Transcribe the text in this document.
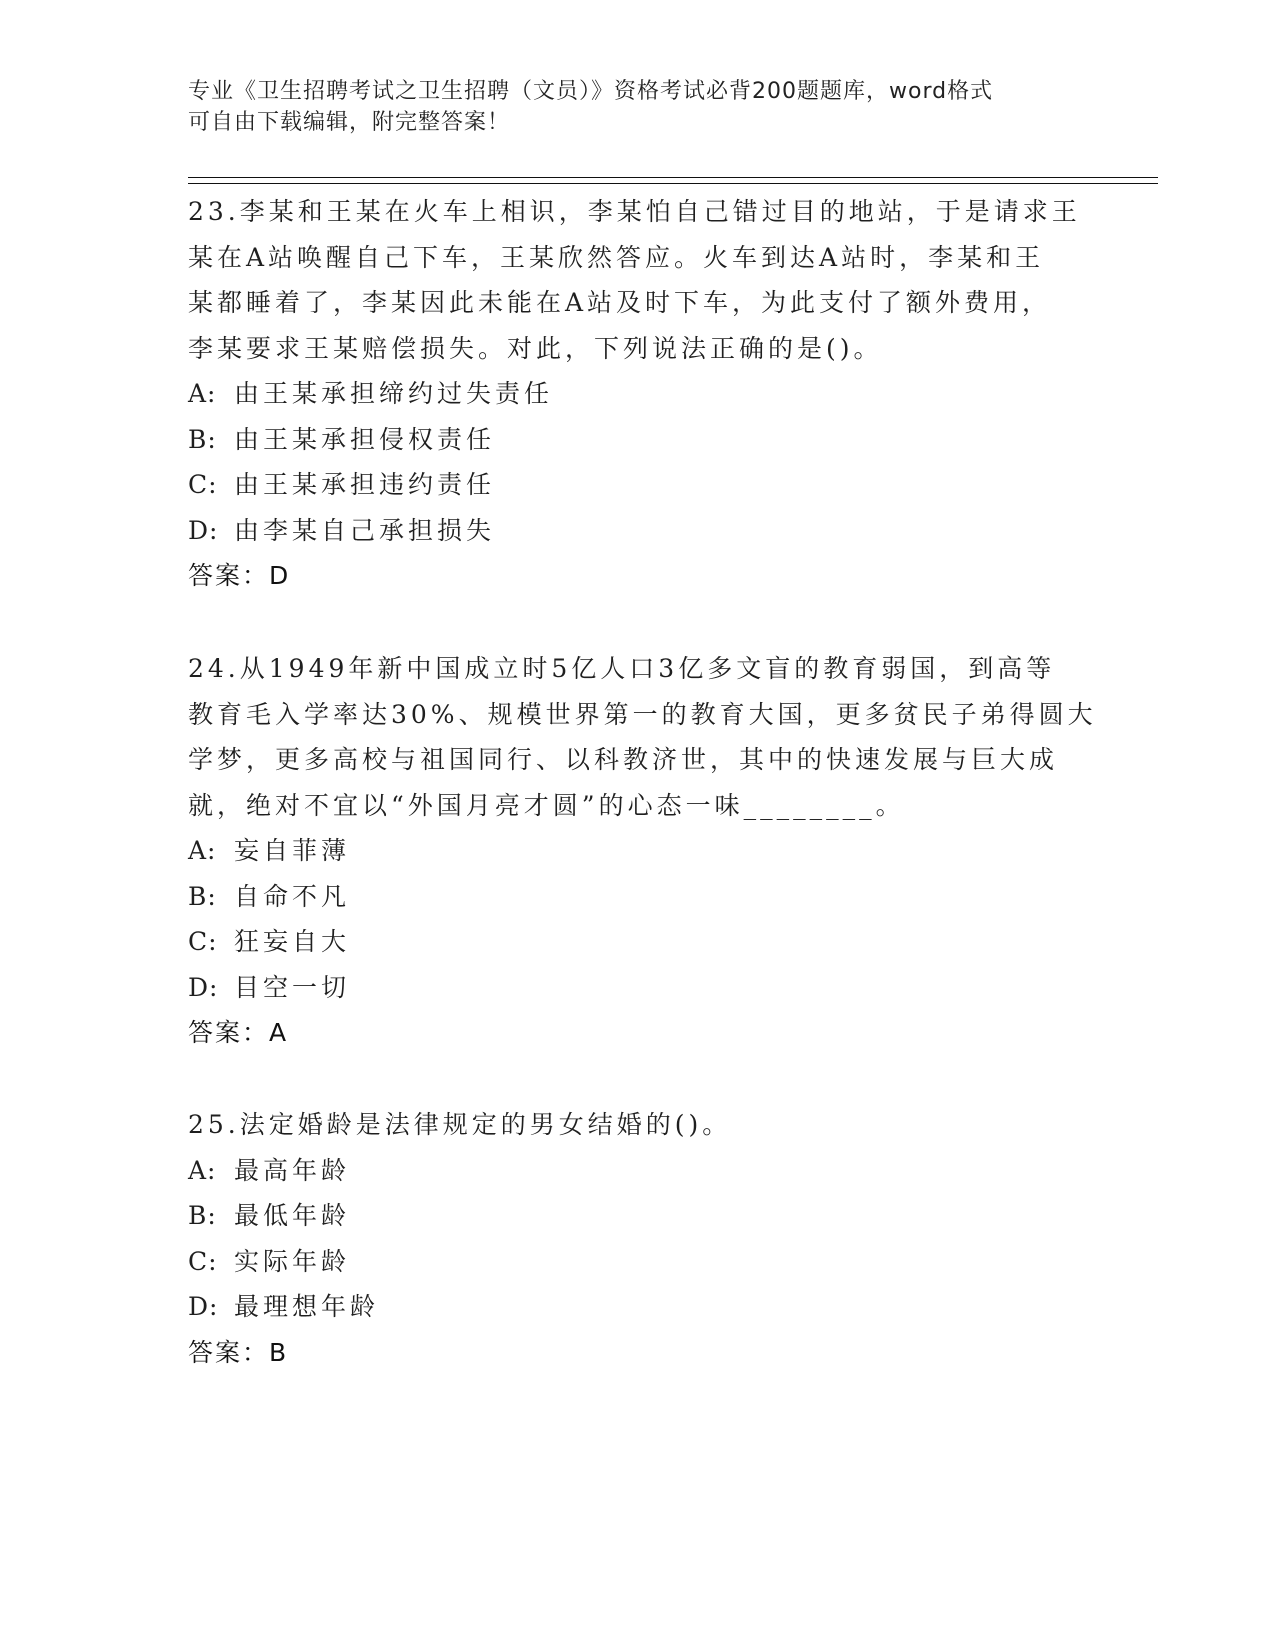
专业《卫生招聘考试之卫生招聘（文员）》资格考试必背200题题库，word格式
可自由下载编辑，附完整答案！
23.李某和王某在火车上相识，李某怕自己错过目的地站，于是请求王
某在A站唤醒自己下车，王某欣然答应。火车到达A站时，李某和王
某都睡着了，李某因此未能在A站及时下车，为此支付了额外费用，
李某要求王某赔偿损失。对此，下列说法正确的是()。
A: 由王某承担缔约过失责任
B: 由王某承担侵权责任
C: 由王某承担违约责任
D: 由李某自己承担损失
答案：D
24.从1949年新中国成立时5亿人口3亿多文盲的教育弱国，到高等
教育毛入学率达30%、规模世界第一的教育大国，更多贫民子弟得圆大
学梦，更多高校与祖国同行、以科教济世，其中的快速发展与巨大成
就，绝对不宜以“外国月亮才圆”的心态一味________。
A: 妄自菲薄
B: 自命不凡
C: 狂妄自大
D: 目空一切
答案：A
25.法定婚龄是法律规定的男女结婚的()。
A: 最高年龄
B: 最低年龄
C: 实际年龄
D: 最理想年龄
答案：B
